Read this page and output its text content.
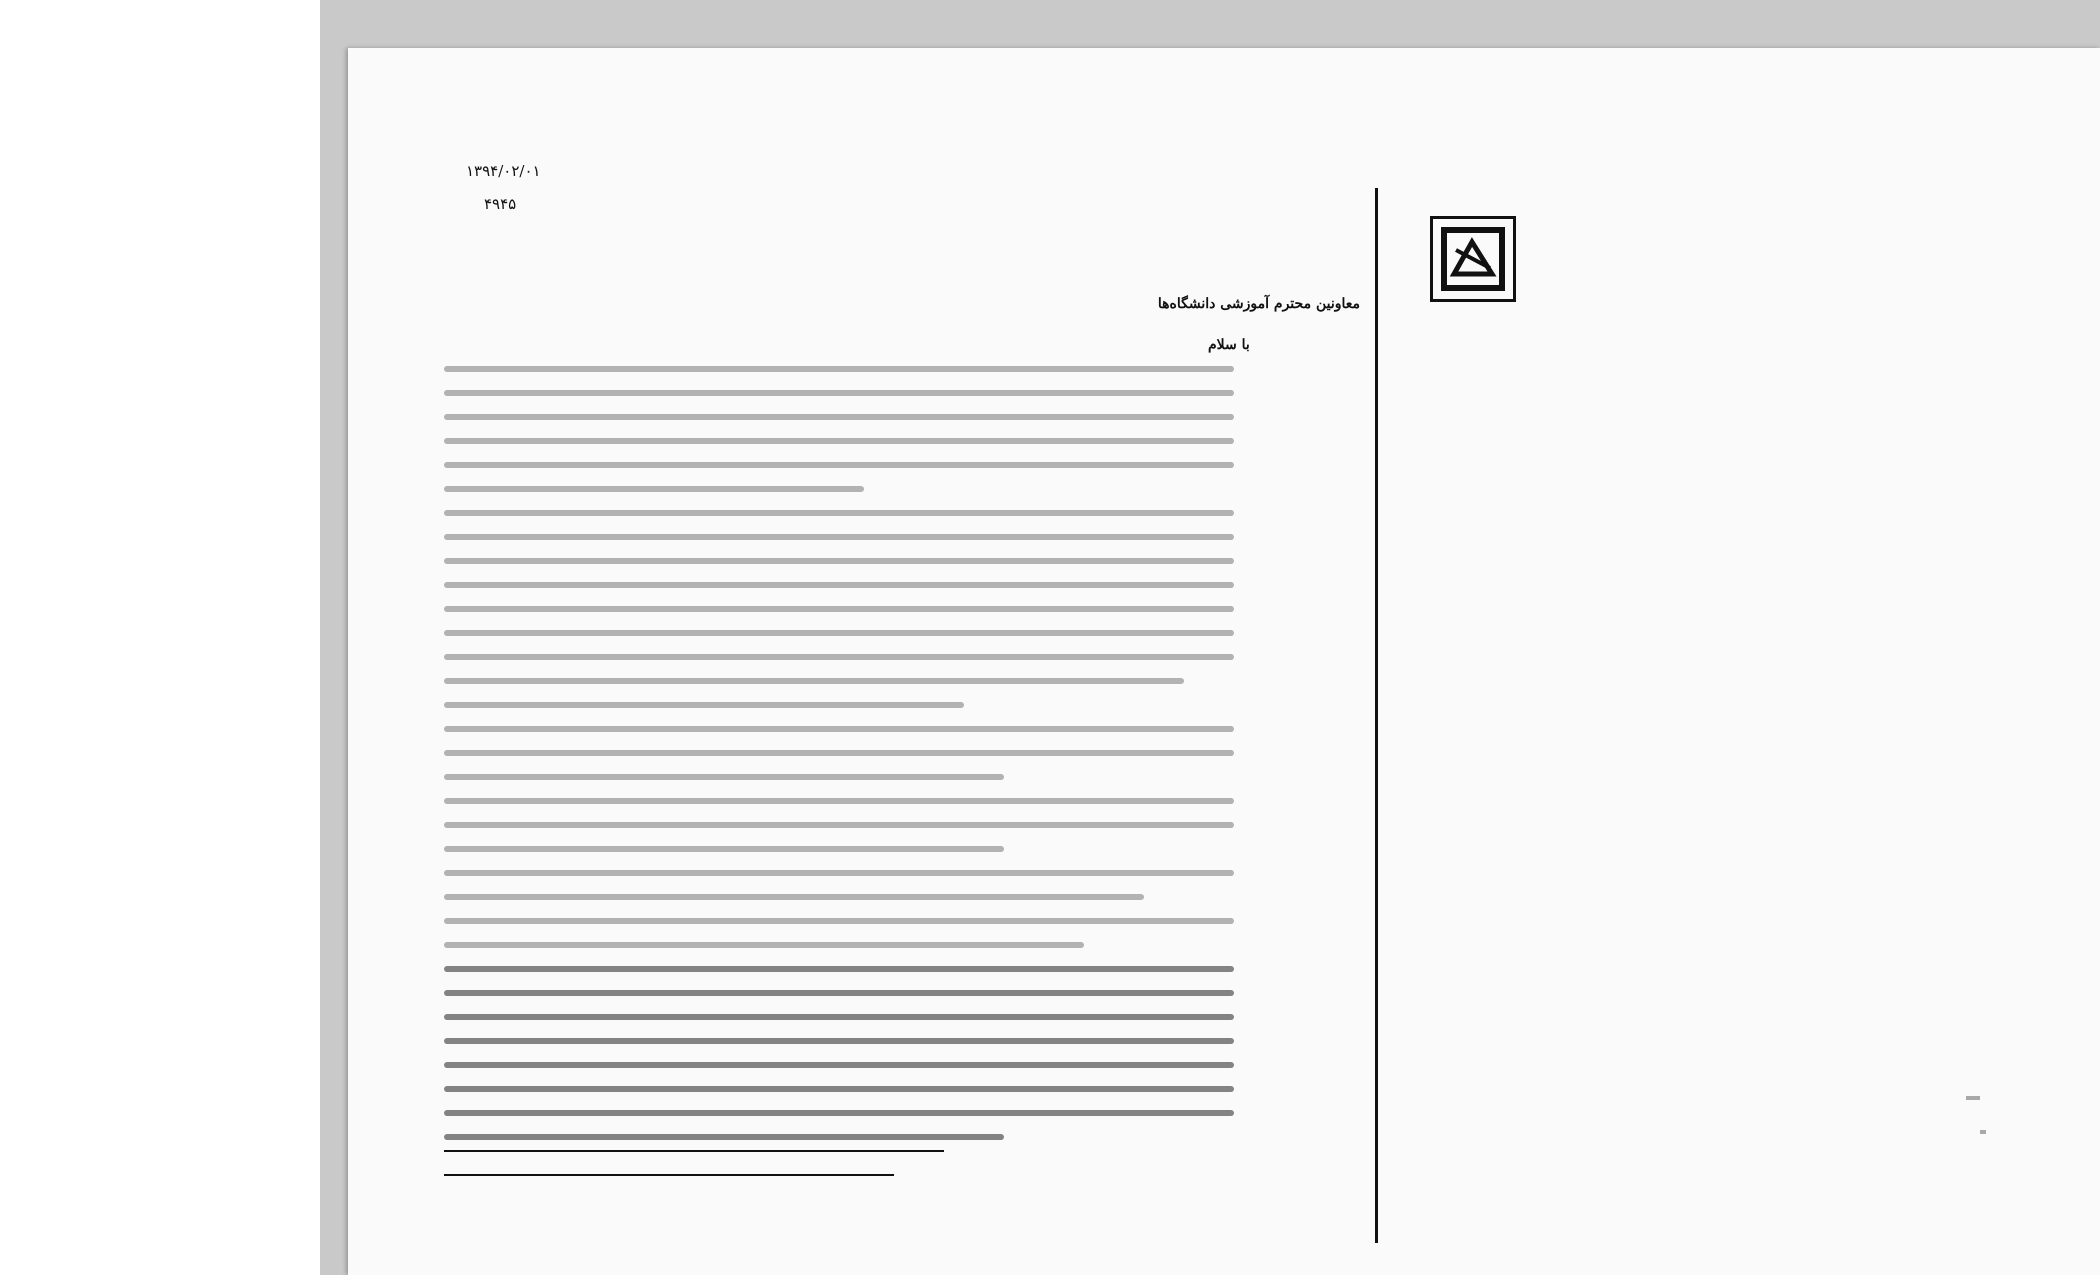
۱۳۹۴/۰۲/۰۱
۴۹۴۵
معاونین محترم آموزشی دانشگاه‌ها
با سلام
